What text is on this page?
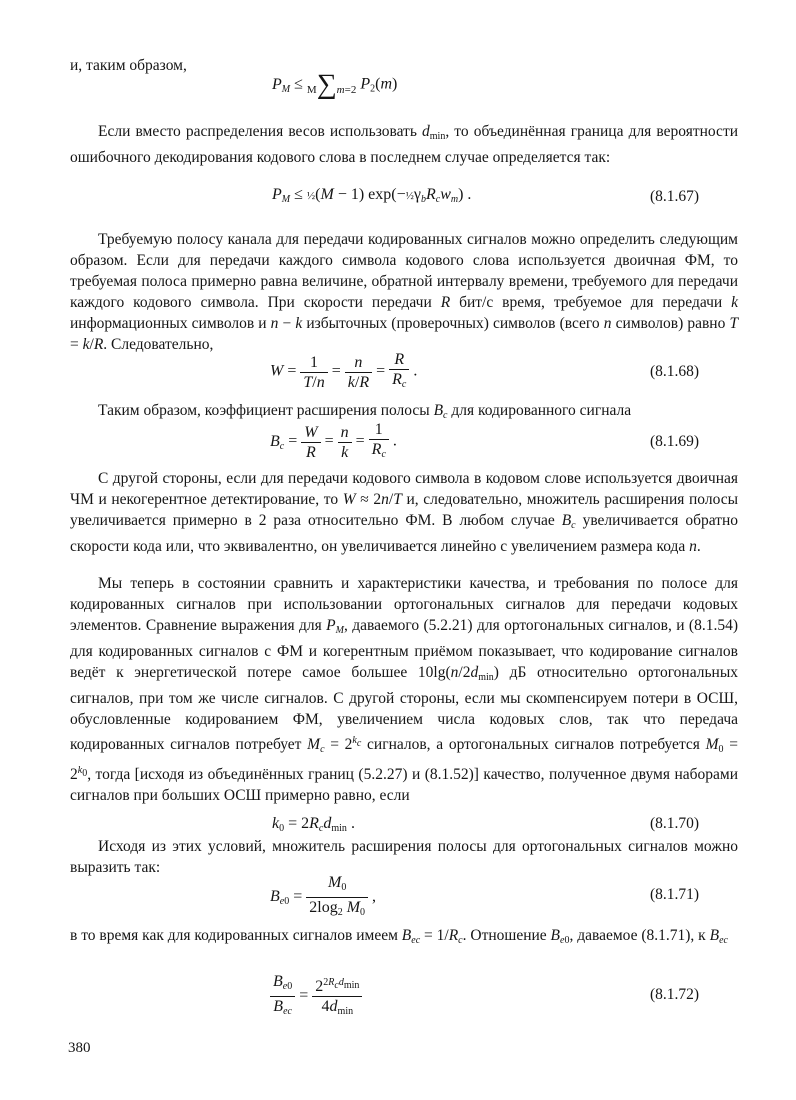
и, таким образом,
$P_M \le M\sum m=2$ $P_2(m)$
Если вместо распределения весов использовать $d_{min}$, то объединённая граница для вероятности ошибочного декодирования кодового слова в последнем случае определяется так:
$P_M$ ≤ ½(M − 1) $\exp(-\frac{1}{2}\gamma_bR_cw_m)$ .	(8.1.67)
Требуемую полосу канала для передачи кодированных сигналов можно определить следующим образом. Если для передачи каждого символа кодового слова используется двоичная ФМ, то требуемая полоса примерно равна величине, обратной интервалу времени, требуемого для передачи каждого кодового символа. При скорости передачи R бит/с время, требуемое для передачи k информационных символов и n − k избыточных (проверочных) символов (всего n символов) равно T = k/R. Следовательно,
$W = \frac{1}{T/n} = \frac{n}{k/R} = \frac{R}{R_c}$ .	(8.1.68)
Таким образом, коэффициент расширения полосы $B_c$ для кодированного сигнала
$B_c = \frac{W}{R} = \frac{n}{k} = \frac{1}{R_c}$ .	(8.1.69)
С другой стороны, если для передачи кодового символа в кодовом слове используется двоичная ЧМ и некогерентное детектирование, то W ≈ 2n/T и, следовательно, множитель расширения полосы увеличивается примерно в 2 раза относительно ФМ. В любом случае $B_c$ увеличивается обратно скорости кода или, что эквивалентно, он увеличивается линейно с увеличением размера кода n.
Мы теперь в состоянии сравнить и характеристики качества, и требования по полосе для кодированных сигналов при использовании ортогональных сигналов для передачи кодовых элементов. Сравнение выражения для $P_M$, даваемого (5.2.21) для ортогональных сигналов, и (8.1.54) для кодированных сигналов с ФМ и когерентным приёмом показывает, что кодирование сигналов ведёт к энергетической потере самое большее $10\lg(n/2d_{min})$ дБ относительно ортогональных сигналов, при том же числе сигналов. С другой стороны, если мы скомпенсируем потери в ОСШ, обусловленные кодированием ФМ, увеличением числа кодовых слов, так что передача кодированных сигналов потребует $M_c = 2^{k_c}$ сигналов, а ортогональных сигналов потребуется $M_0 = 2^{k_0}$, тогда [исходя из объединённых границ (5.2.27) и (8.1.52)] качество, полученное двумя наборами сигналов при больших ОСШ примерно равно, если
$k_0 = 2R_cd_{min}$ .	(8.1.70)
Исходя из этих условий, множитель расширения полосы для ортогональных сигналов можно выразить так:
$B_{e0} = \frac{M_0}{2\log_2 M_0}$ ,	(8.1.71)
в то время как для кодированных сигналов имеем $B_{ec} = 1/R_c$. Отношение $B_{e0}$, даваемое (8.1.71), к $B_{ec}$
$\frac{B_{e0}}{B_{ec}} = \frac{2^{2R_cd_{min}}}{4d_{min}}$	(8.1.72)
380
